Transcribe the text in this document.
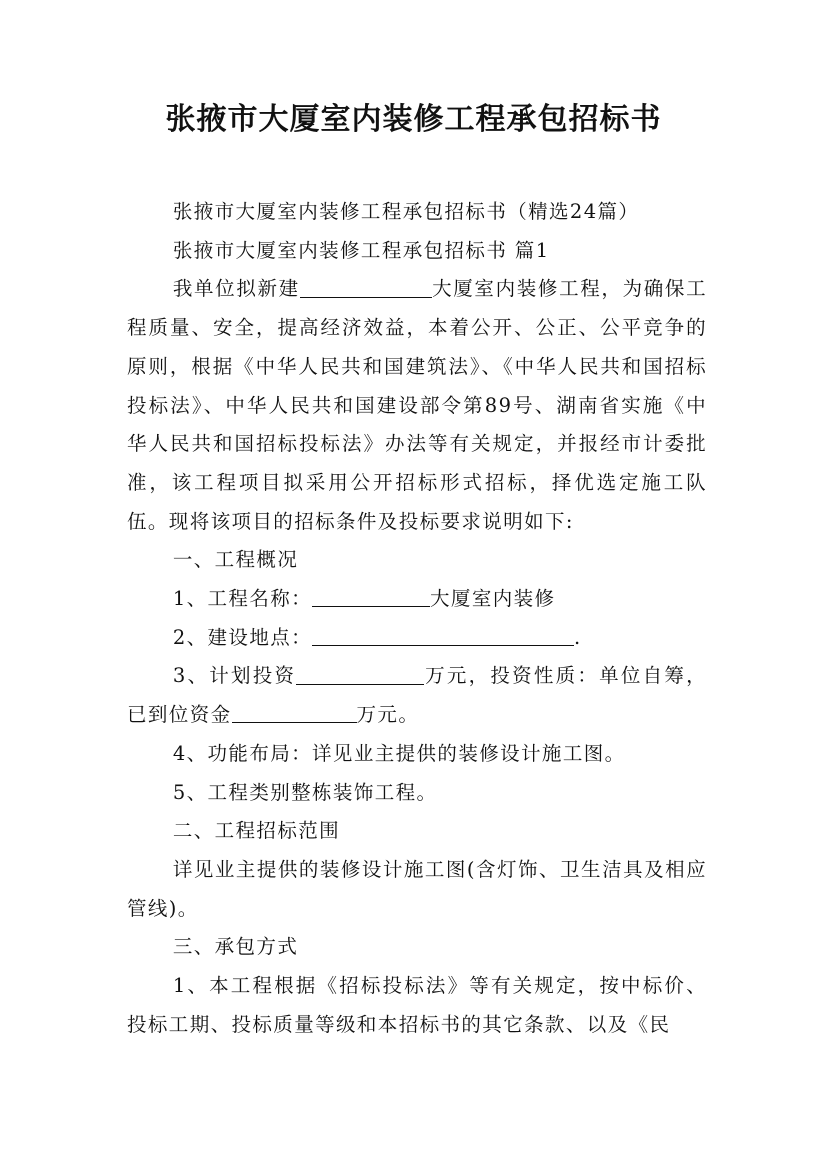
张掖市大厦室内装修工程承包招标书

张掖市大厦室内装修工程承包招标书（精选24篇）

张掖市大厦室内装修工程承包招标书 篇1

我单位拟新建	大厦室内装修工程，为确保工程质量、安全，提高经济效益，本着公开、公正、公平竞争的原则，根据《中华人民共和国建筑法》、《中华人民共和国招标投标法》、中华人民共和国建设部令第89号、湖南省实施《中华人民共和国招标投标法》办法等有关规定，并报经市计委批准，该工程项目拟采用公开招标形式招标，择优选定施工队伍。现将该项目的招标条件及投标要求说明如下:

一、工程概况

1、工程名称：	大厦室内装修

2、建设地点：	.

3、计划投资	万元，投资性质：单位自筹，已到位资金	万元。

4、功能布局：详见业主提供的装修设计施工图。

5、工程类别整栋装饰工程。

二、工程招标范围

详见业主提供的装修设计施工图(含灯饰、卫生洁具及相应管线)。

三、承包方式

1、本工程根据《招标投标法》等有关规定，按中标价、投标工期、投标质量等级和本招标书的其它条款、以及《民
